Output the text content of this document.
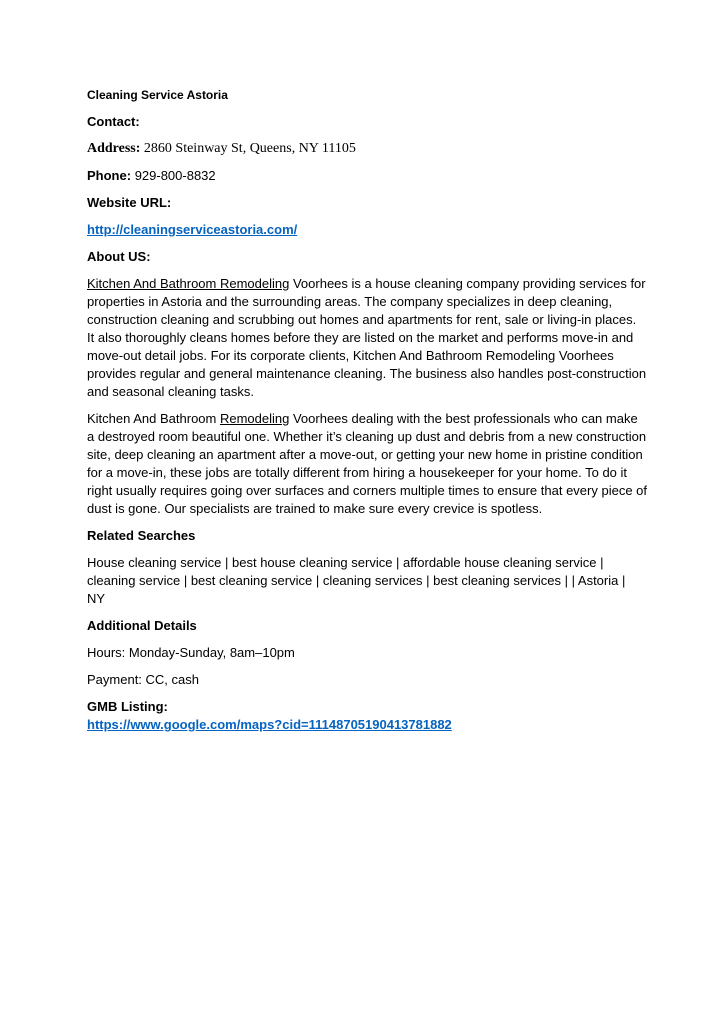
Cleaning Service Astoria

Contact:

Address: 2860 Steinway St, Queens, NY 11105

Phone: 929-800-8832

Website URL:

http://cleaningserviceastoria.com/

About US:

Kitchen And Bathroom Remodeling Voorhees is a house cleaning company providing services for properties in Astoria and the surrounding areas. The company specializes in deep cleaning, construction cleaning and scrubbing out homes and apartments for rent, sale or living-in places. It also thoroughly cleans homes before they are listed on the market and performs move-in and move-out detail jobs. For its corporate clients, Kitchen And Bathroom Remodeling Voorhees provides regular and general maintenance cleaning. The business also handles post-construction and seasonal cleaning tasks.

Kitchen And Bathroom Remodeling Voorhees dealing with the best professionals who can make a destroyed room beautiful one. Whether it’s cleaning up dust and debris from a new construction site, deep cleaning an apartment after a move-out, or getting your new home in pristine condition for a move-in, these jobs are totally different from hiring a housekeeper for your home. To do it right usually requires going over surfaces and corners multiple times to ensure that every piece of dust is gone. Our specialists are trained to make sure every crevice is spotless.

Related Searches

House cleaning service | best house cleaning service | affordable house cleaning service | cleaning service | best cleaning service | cleaning services | best cleaning services | | Astoria | NY

Additional Details

Hours: Monday-Sunday, 8am–10pm

Payment: CC, cash

GMB Listing:

https://www.google.com/maps?cid=11148705190413781882
